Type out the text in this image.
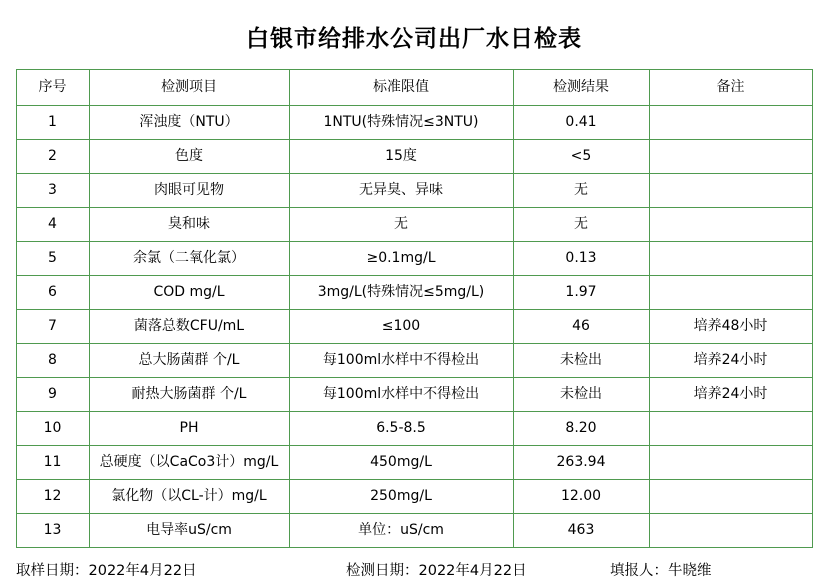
白银市给排水公司出厂水日检表
序号	检测项目	标准限值	检测结果	备注
1	浑浊度（NTU）	1NTU(特殊情况≤3NTU)	0.41	
2	色度	15度	<5	
3	肉眼可见物	无异臭、异味	无	
4	臭和味	无	无	
5	余氯（二氧化氯）	≥0.1mg/L	0.13	
6	COD mg/L	3mg/L(特殊情况≤5mg/L)	1.97	
7	菌落总数CFU/mL	≤100	46	培养48小时
8	总大肠菌群 个/L	每100ml水样中不得检出	未检出	培养24小时
9	耐热大肠菌群 个/L	每100ml水样中不得检出	未检出	培养24小时
10	PH	6.5-8.5	8.20	
11	总硬度（以CaCo3计）mg/L	450mg/L	263.94	
12	氯化物（以CL-计）mg/L	250mg/L	12.00	
13	电导率uS/cm	单位：uS/cm	463	
取样日期：2022年4月22日	检测日期：2022年4月22日	填报人：牛晓维
